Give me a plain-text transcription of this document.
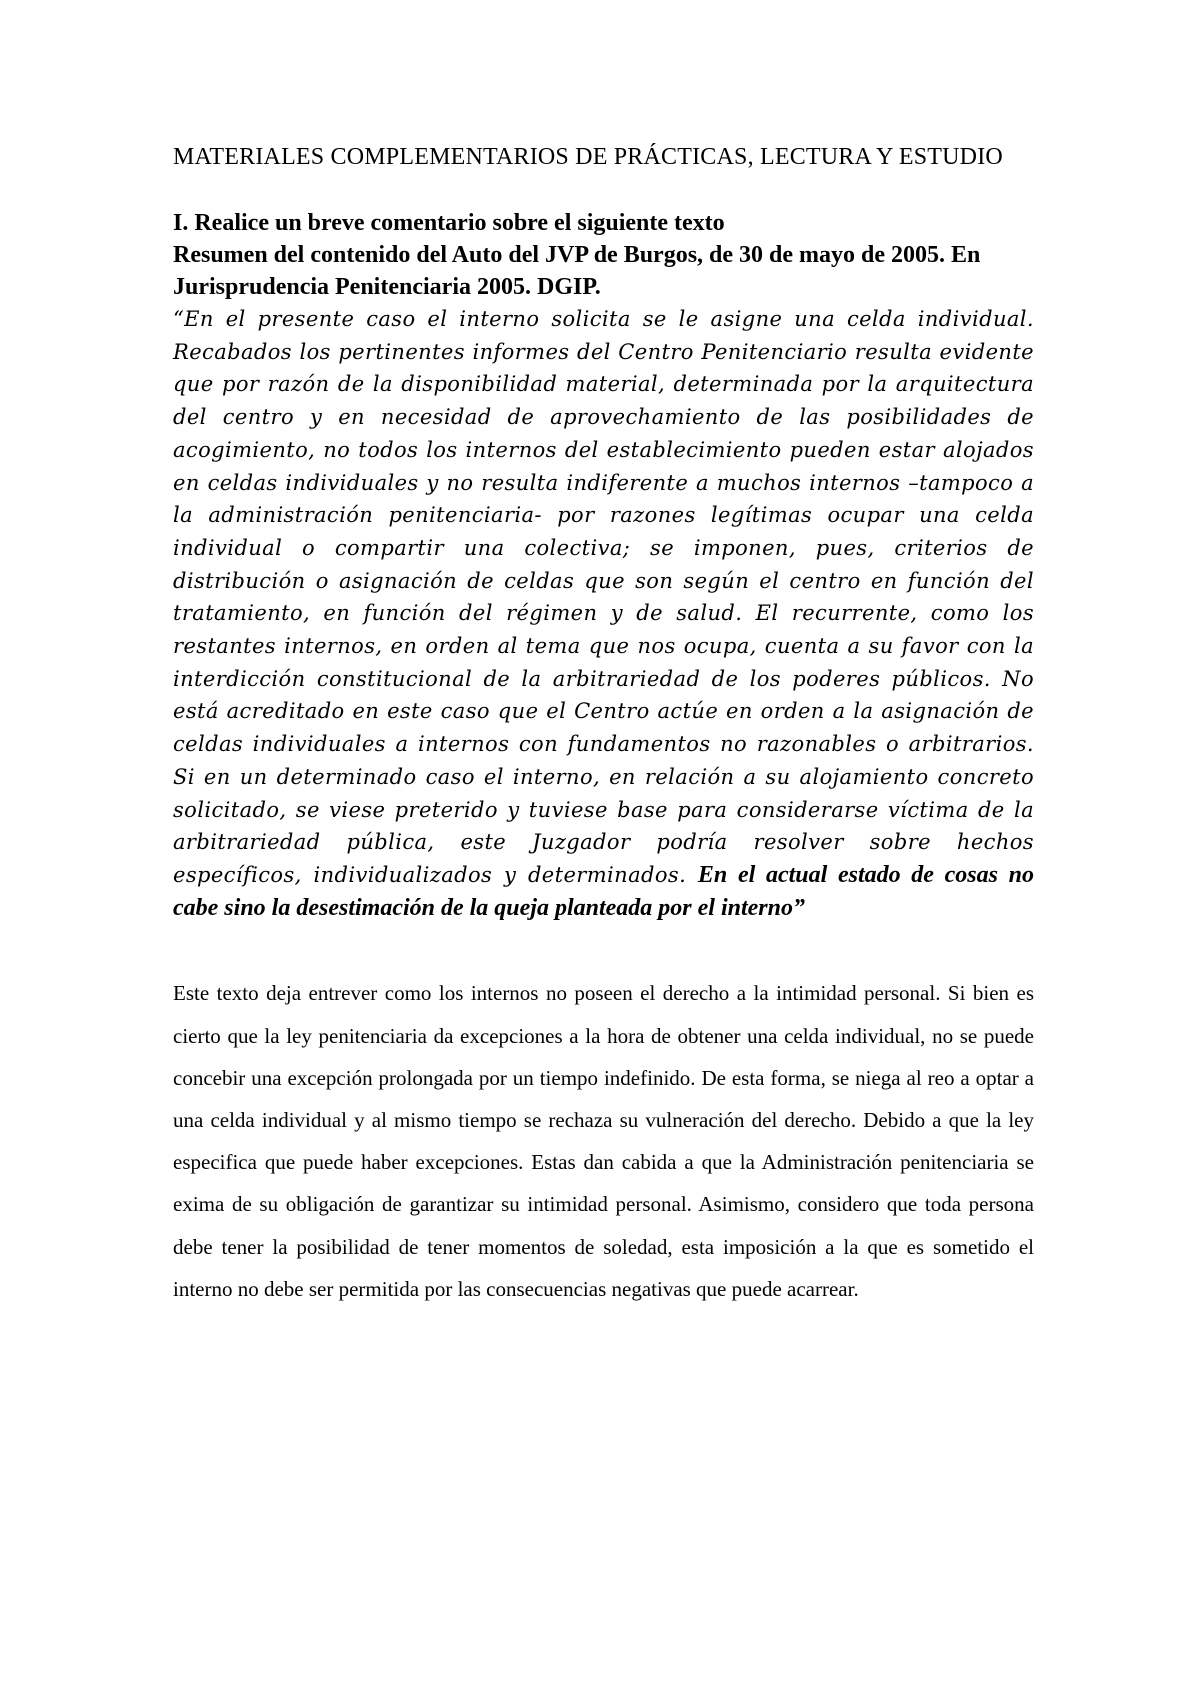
MATERIALES COMPLEMENTARIOS DE PRÁCTICAS, LECTURA Y ESTUDIO

I. Realice un breve comentario sobre el siguiente texto

Resumen del contenido del Auto del JVP de Burgos, de 30 de mayo de 2005. En Jurisprudencia Penitenciaria 2005. DGIP.

“En el presente caso el interno solicita se le asigne una celda individual. Recabados los pertinentes informes del Centro Penitenciario resulta evidente que por razón de la disponibilidad material, determinada por la arquitectura del centro y en necesidad de aprovechamiento de las posibilidades de acogimiento, no todos los internos del establecimiento pueden estar alojados en celdas individuales y no resulta indiferente a muchos internos –tampoco a la administración penitenciaria- por razones legítimas ocupar una celda individual o compartir una colectiva; se imponen, pues, criterios de distribución o asignación de celdas que son según el centro en función del tratamiento, en función del régimen y de salud. El recurrente, como los restantes internos, en orden al tema que nos ocupa, cuenta a su favor con la interdicción constitucional de la arbitrariedad de los poderes públicos. No está acreditado en este caso que el Centro actúe en orden a la asignación de celdas individuales a internos con fundamentos no razonables o arbitrarios. Si en un determinado caso el interno, en relación a su alojamiento concreto solicitado, se viese preterido y tuviese base para considerarse víctima de la arbitrariedad pública, este Juzgador podría resolver sobre hechos específicos, individualizados y determinados. En el actual estado de cosas no cabe sino la desestimación de la queja planteada por el interno”

Este texto deja entrever como los internos no poseen el derecho a la intimidad personal. Si bien es cierto que la ley penitenciaria da excepciones a la hora de obtener una celda individual, no se puede concebir una excepción prolongada por un tiempo indefinido. De esta forma, se niega al reo a optar a una celda individual y al mismo tiempo se rechaza su vulneración del derecho. Debido a que la ley especifica que puede haber excepciones. Estas dan cabida a que la Administración penitenciaria se exima de su obligación de garantizar su intimidad personal. Asimismo, considero que toda persona debe tener la posibilidad de tener momentos de soledad, esta imposición a la que es sometido el interno no debe ser permitida por las consecuencias negativas que puede acarrear.
